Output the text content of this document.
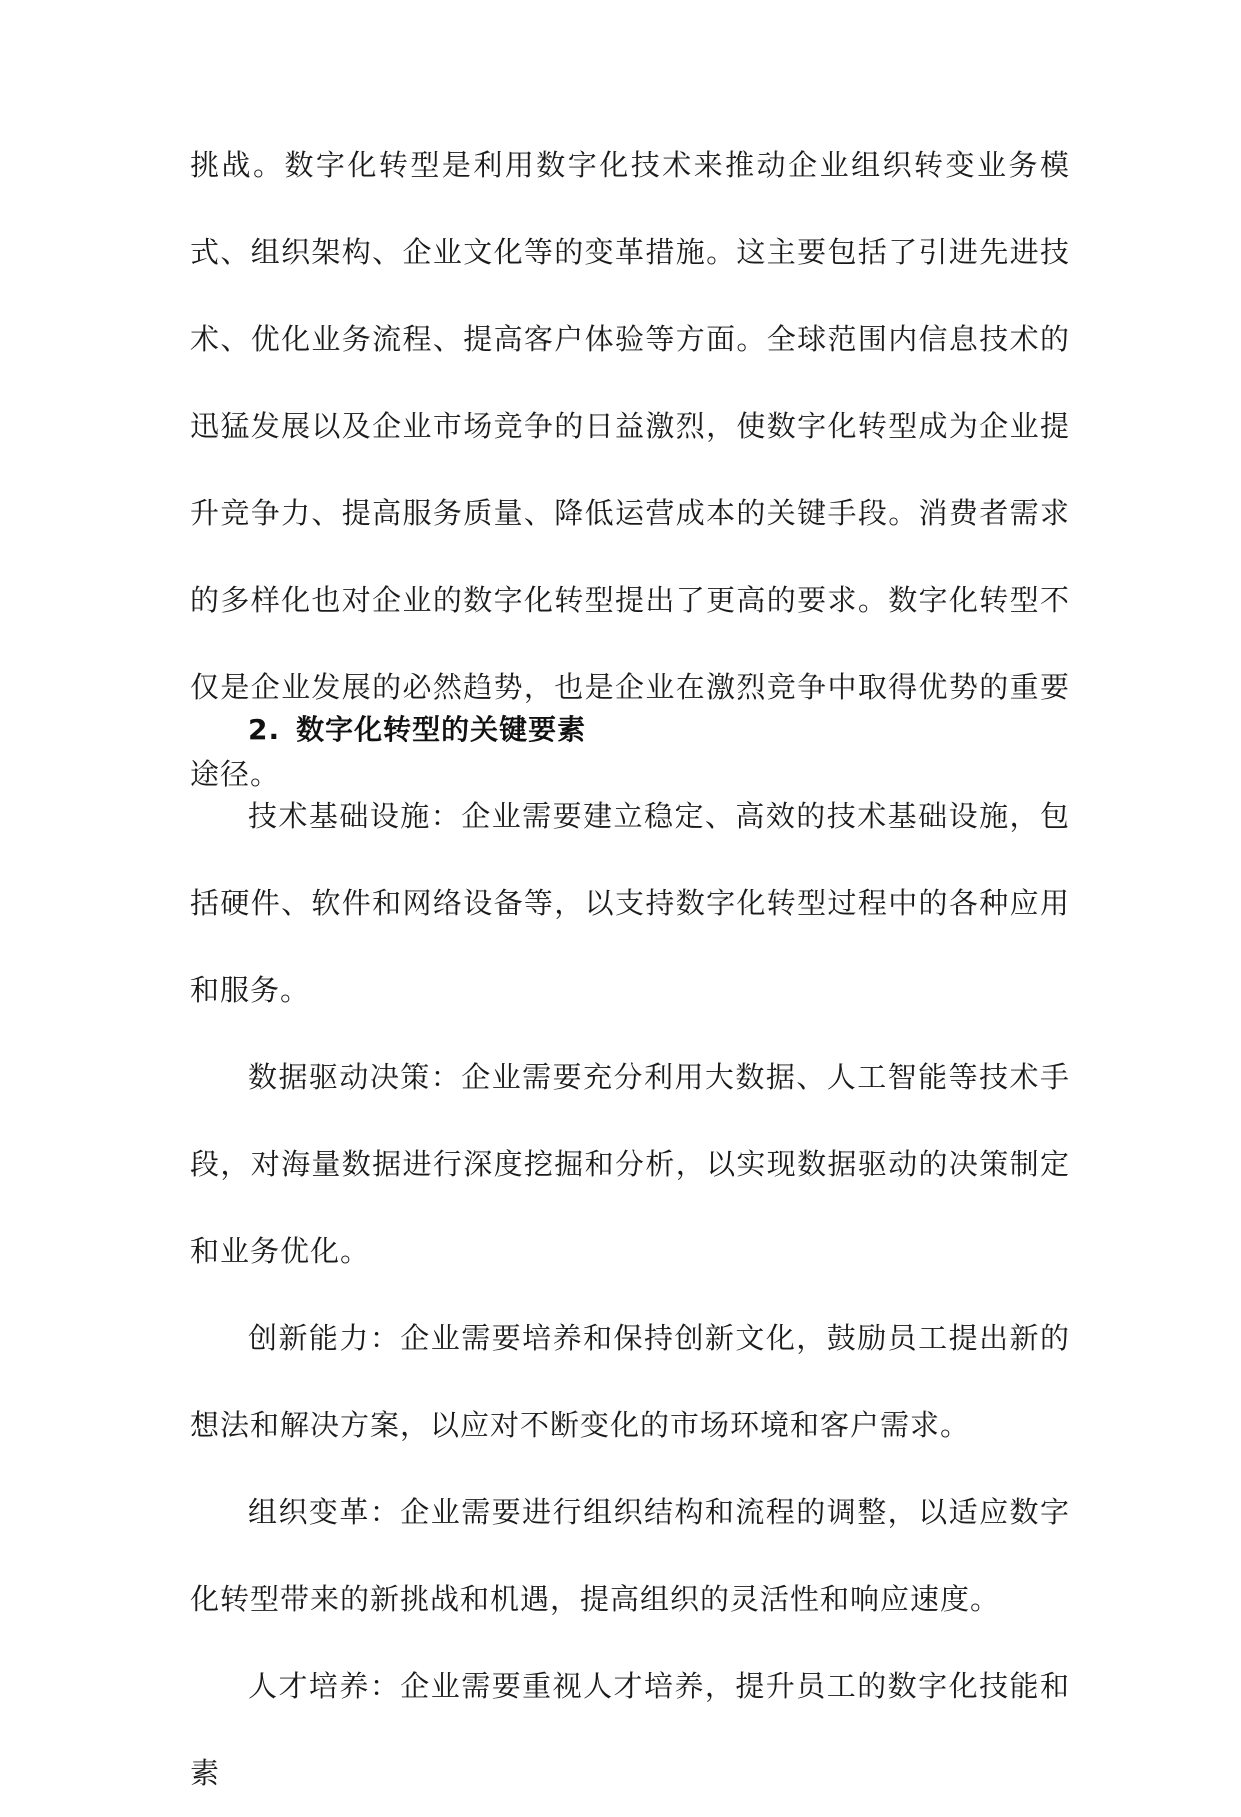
挑战。数字化转型是利用数字化技术来推动企业组织转变业务模式、组织架构、企业文化等的变革措施。这主要包括了引进先进技术、优化业务流程、提高客户体验等方面。全球范围内信息技术的迅猛发展以及企业市场竞争的日益激烈，使数字化转型成为企业提升竞争力、提高服务质量、降低运营成本的关键手段。消费者需求的多样化也对企业的数字化转型提出了更高的要求。数字化转型不仅是企业发展的必然趋势，也是企业在激烈竞争中取得优势的重要途径。

2. 数字化转型的关键要素

技术基础设施：企业需要建立稳定、高效的技术基础设施，包括硬件、软件和网络设备等，以支持数字化转型过程中的各种应用和服务。

数据驱动决策：企业需要充分利用大数据、人工智能等技术手段，对海量数据进行深度挖掘和分析，以实现数据驱动的决策制定和业务优化。

创新能力：企业需要培养和保持创新文化，鼓励员工提出新的想法和解决方案，以应对不断变化的市场环境和客户需求。

组织变革：企业需要进行组织结构和流程的调整，以适应数字化转型带来的新挑战和机遇，提高组织的灵活性和响应速度。

人才培养：企业需要重视人才培养，提升员工的数字化技能和素
